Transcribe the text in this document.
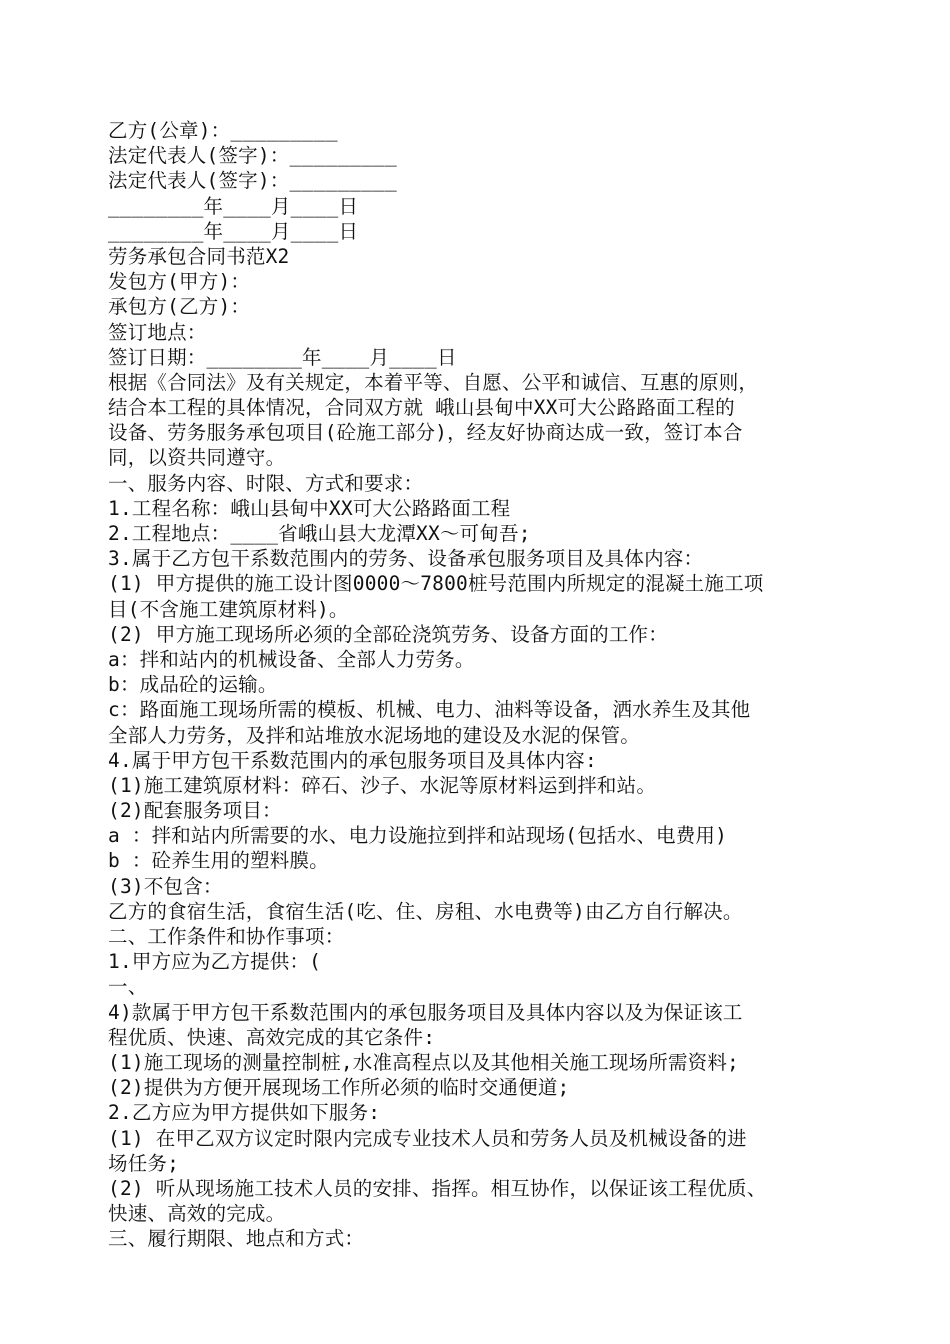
乙方(公章)：_________
法定代表人(签字)：_________
法定代表人(签字)：_________
________年____月____日
________年____月____日
劳务承包合同书范X2
发包方(甲方)：
承包方(乙方)：
签订地点：
签订日期：________年____月____日
根据《合同法》及有关规定，本着平等、自愿、公平和诚信、互惠的原则，
结合本工程的具体情况，合同双方就 峨山县甸中XX可大公路路面工程的
设备、劳务服务承包项目(砼施工部分)，经友好协商达成一致，签订本合
同，以资共同遵守。
一、服务内容、时限、方式和要求：
1.工程名称：峨山县甸中XX可大公路路面工程
2.工程地点：____省峨山县大龙潭XX～可甸吾;
3.属于乙方包干系数范围内的劳务、设备承包服务项目及具体内容：
(1) 甲方提供的施工设计图0000～7800桩号范围内所规定的混凝土施工项
目(不含施工建筑原材料)。
(2) 甲方施工现场所必须的全部砼浇筑劳务、设备方面的工作：
a：拌和站内的机械设备、全部人力劳务。
b：成品砼的运输。
c：路面施工现场所需的模板、机械、电力、油料等设备，洒水养生及其他
全部人力劳务，及拌和站堆放水泥场地的建设及水泥的保管。
4.属于甲方包干系数范围内的承包服务项目及具体内容:
(1)施工建筑原材料：碎石、沙子、水泥等原材料运到拌和站。
(2)配套服务项目：
a ：拌和站内所需要的水、电力设施拉到拌和站现场(包括水、电费用)
b ：砼养生用的塑料膜。
(3)不包含：
乙方的食宿生活，食宿生活(吃、住、房租、水电费等)由乙方自行解决。
二、工作条件和协作事项：
1.甲方应为乙方提供：(
一、
4)款属于甲方包干系数范围内的承包服务项目及具体内容以及为保证该工
程优质、快速、高效完成的其它条件:
(1)施工现场的测量控制桩,水准高程点以及其他相关施工现场所需资料;
(2)提供为方便开展现场工作所必须的临时交通便道;
2.乙方应为甲方提供如下服务:
(1) 在甲乙双方议定时限内完成专业技术人员和劳务人员及机械设备的进
场任务;
(2) 听从现场施工技术人员的安排、指挥。相互协作，以保证该工程优质、
快速、高效的完成。
三、履行期限、地点和方式：
